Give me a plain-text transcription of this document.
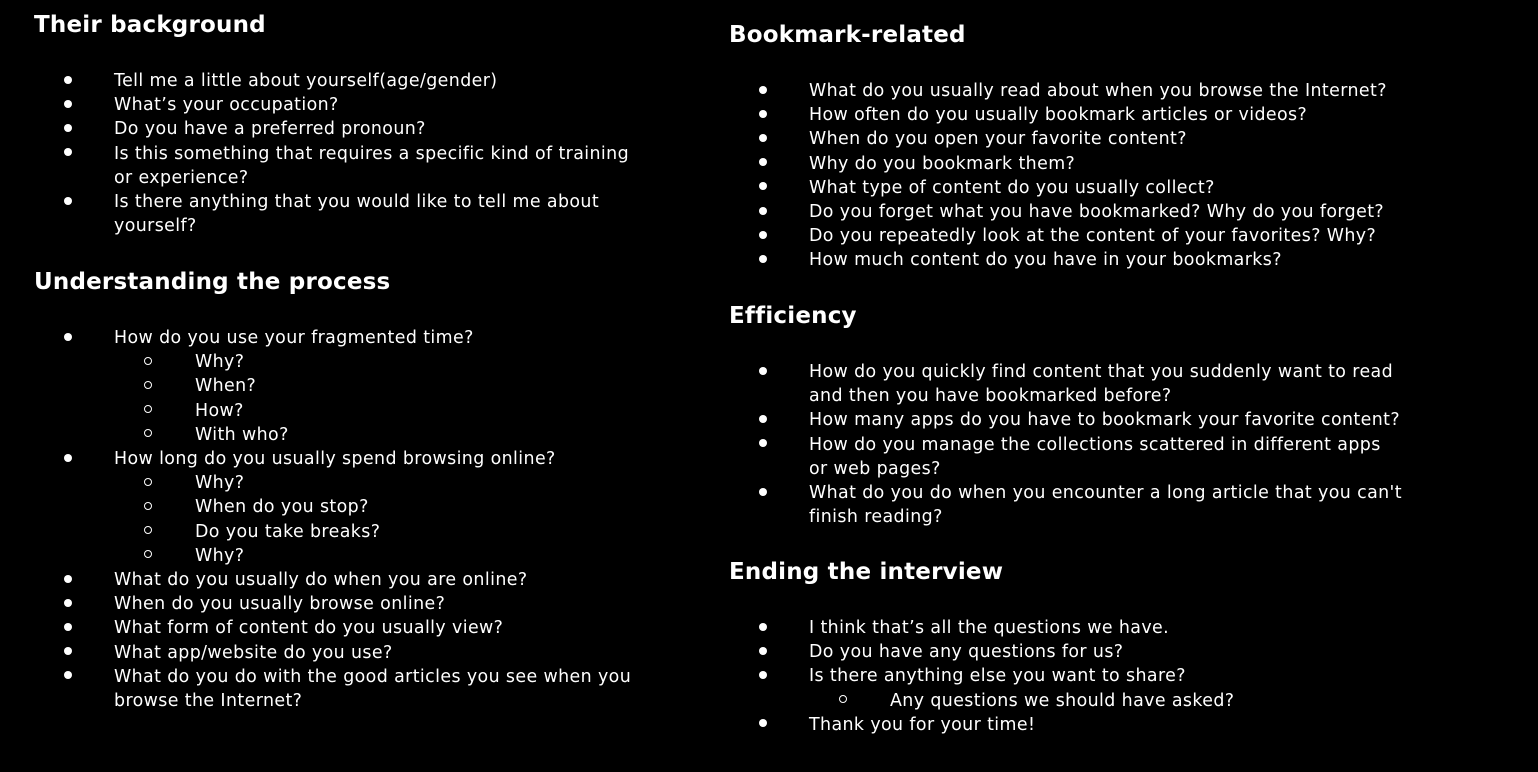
Their background
Tell me a little about yourself(age/gender)
What’s your occupation?
Do you have a preferred pronoun?
Is this something that requires a specific kind of training
or experience?
Is there anything that you would like to tell me about
yourself?
Understanding the process
How do you use your fragmented time?
Why?
When?
How?
With who?
How long do you usually spend browsing online?
Why?
When do you stop?
Do you take breaks?
Why?
What do you usually do when you are online?
When do you usually browse online?
What form of content do you usually view?
What app/website do you use?
What do you do with the good articles you see when you
browse the Internet?
Bookmark-related
What do you usually read about when you browse the Internet?
How often do you usually bookmark articles or videos?
When do you open your favorite content?
Why do you bookmark them?
What type of content do you usually collect?
Do you forget what you have bookmarked? Why do you forget?
Do you repeatedly look at the content of your favorites? Why?
How much content do you have in your bookmarks?
Efficiency
How do you quickly find content that you suddenly want to read
and then you have bookmarked before?
How many apps do you have to bookmark your favorite content?
How do you manage the collections scattered in different apps
or web pages?
What do you do when you encounter a long article that you can't
finish reading?
Ending the interview
I think that’s all the questions we have.
Do you have any questions for us?
Is there anything else you want to share?
Any questions we should have asked?
Thank you for your time!
